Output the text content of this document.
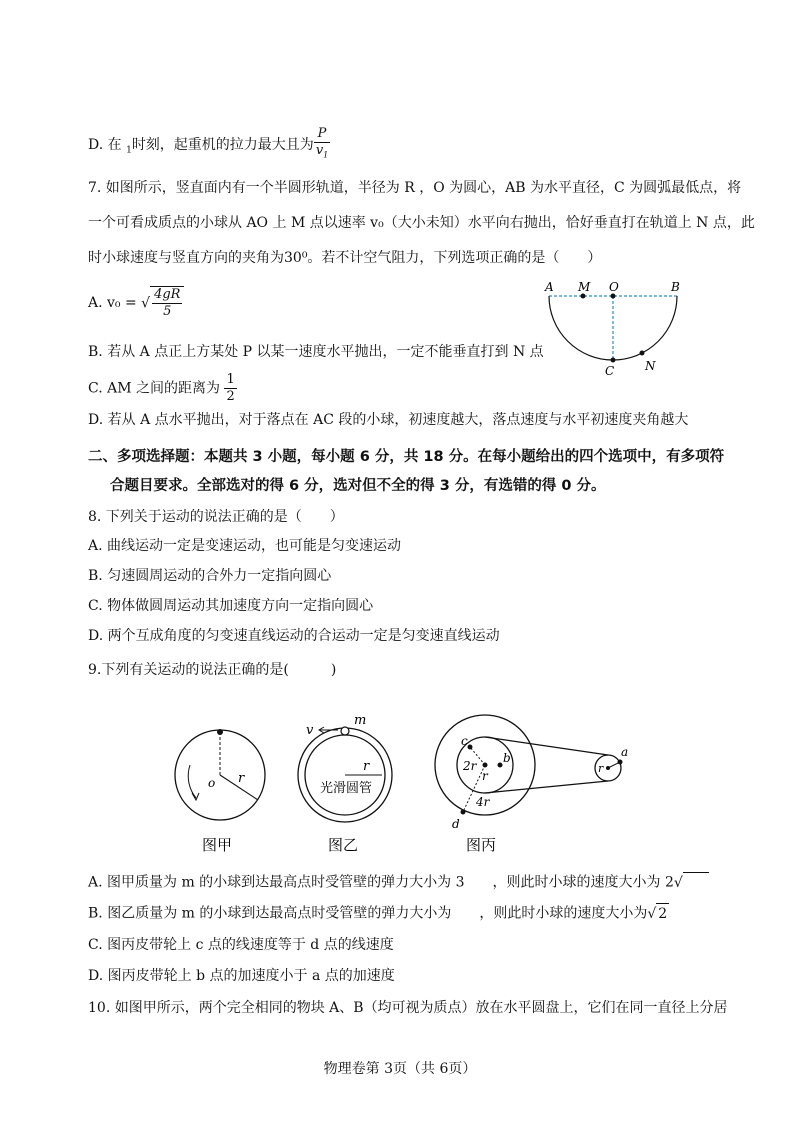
D. 在 $_1$时刻，起重机的拉力最大且为 $\frac{P}{v_1}$
7. 如图所示，竖直面内有一个半圆形轨道，半径为 R ，O 为圆心，AB 为水平直径，C 为圆弧最低点，将
一个可看成质点的小球从 AO 上 M 点以速率 v₀（大小未知）水平向右抛出，恰好垂直打在轨道上 N 点，此
时小球速度与竖直方向的夹角为30⁰。若不计空气阻力，下列选项正确的是（　　）
A. v₀ = √ $\frac{4gR}{5}$
B. 若从 A 点正上方某处 P 以某一速度水平抛出，一定不能垂直打到 N 点
C. AM 之间的距离为 $\frac{1}{2}$
D. 若从 A 点水平抛出，对于落点在 AC 段的小球，初速度越大，落点速度与水平初速度夹角越大
A M O	B
C	N
二、多项选择题：本题共 3 小题，每小题 6 分，共 18 分。在每小题给出的四个选项中，有多项符
合题目要求。全部选对的得 6 分，选对但不全的得 3 分，有选错的得 0 分。
8. 下列关于运动的说法正确的是（　　）
A. 曲线运动一定是变速运动，也可能是匀变速运动
B. 匀速圆周运动的合外力一定指向圆心
C. 物体做圆周运动其加速度方向一定指向圆心
D. 两个互成角度的匀变速直线运动的合运动一定是匀变速直线运动
9.下列有关运动的说法正确的是(　　　)
o r
图甲
v
m
r
光滑圆管
图乙
c
2r
b
r
4r
d
r
a
图丙
A. 图甲质量为 m 的小球到达最高点时受管壁的弹力大小为 3　　，则此时小球的速度大小为 2√
B. 图乙质量为 m 的小球到达最高点时受管壁的弹力大小为　　，则此时小球的速度大小为√ 2
C. 图丙皮带轮上 c 点的线速度等于 d 点的线速度
D. 图丙皮带轮上 b 点的加速度小于 a 点的加速度
10. 如图甲所示，两个完全相同的物块 A、B（均可视为质点）放在水平圆盘上，它们在同一直径上分居
物理卷第 3页（共 6页）
